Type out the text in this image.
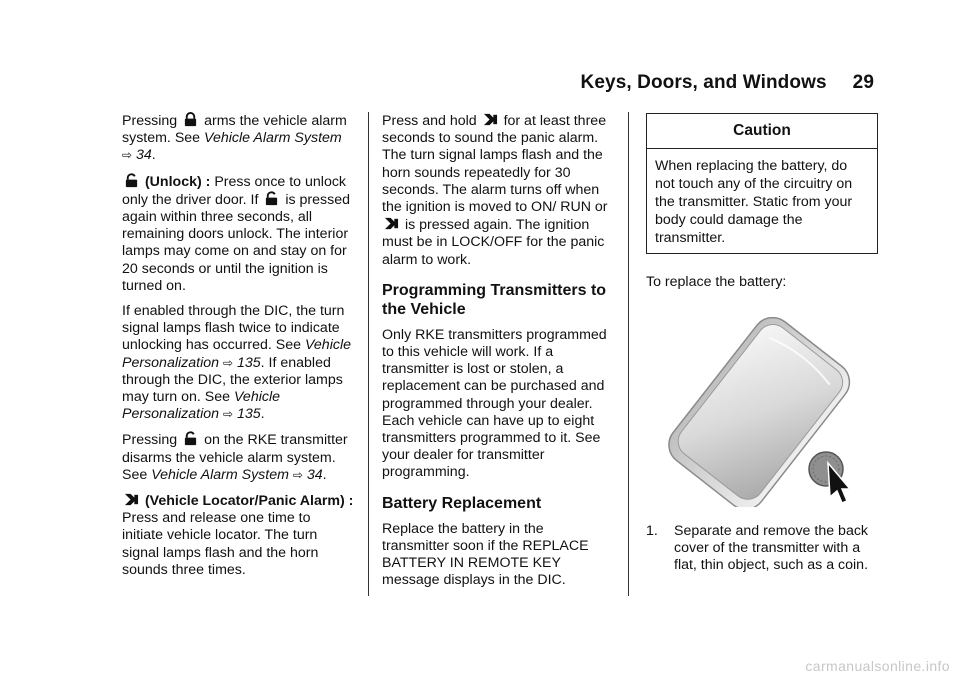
Keys, Doors, and Windows 29

Pressing arms the vehicle alarm system. See Vehicle Alarm System ⇨ 34.

(Unlock) : Press once to unlock only the driver door. If is pressed again within three seconds, all remaining doors unlock. The interior lamps may come on and stay on for 20 seconds or until the ignition is turned on.

If enabled through the DIC, the turn signal lamps flash twice to indicate unlocking has occurred. See Vehicle Personalization ⇨ 135. If enabled through the DIC, the exterior lamps may turn on. See Vehicle Personalization ⇨ 135.

Pressing on the RKE transmitter disarms the vehicle alarm system. See Vehicle Alarm System ⇨ 34.

(Vehicle Locator/Panic Alarm) : Press and release one time to initiate vehicle locator. The turn signal lamps flash and the horn sounds three times.

Press and hold for at least three seconds to sound the panic alarm. The turn signal lamps flash and the horn sounds repeatedly for 30 seconds. The alarm turns off when the ignition is moved to ON/ RUN or  is pressed again. The ignition must be in LOCK/OFF for the panic alarm to work.

Programming Transmitters to the Vehicle

Only RKE transmitters programmed to this vehicle will work. If a transmitter is lost or stolen, a replacement can be purchased and programmed through your dealer. Each vehicle can have up to eight transmitters programmed to it. See your dealer for transmitter programming.

Battery Replacement

Replace the battery in the transmitter soon if the REPLACE BATTERY IN REMOTE KEY message displays in the DIC.

Caution
When replacing the battery, do not touch any of the circuitry on the transmitter. Static from your body could damage the transmitter.

To replace the battery:

1.	Separate and remove the back cover of the transmitter with a flat, thin object, such as a coin.
carmanualsonline.info
